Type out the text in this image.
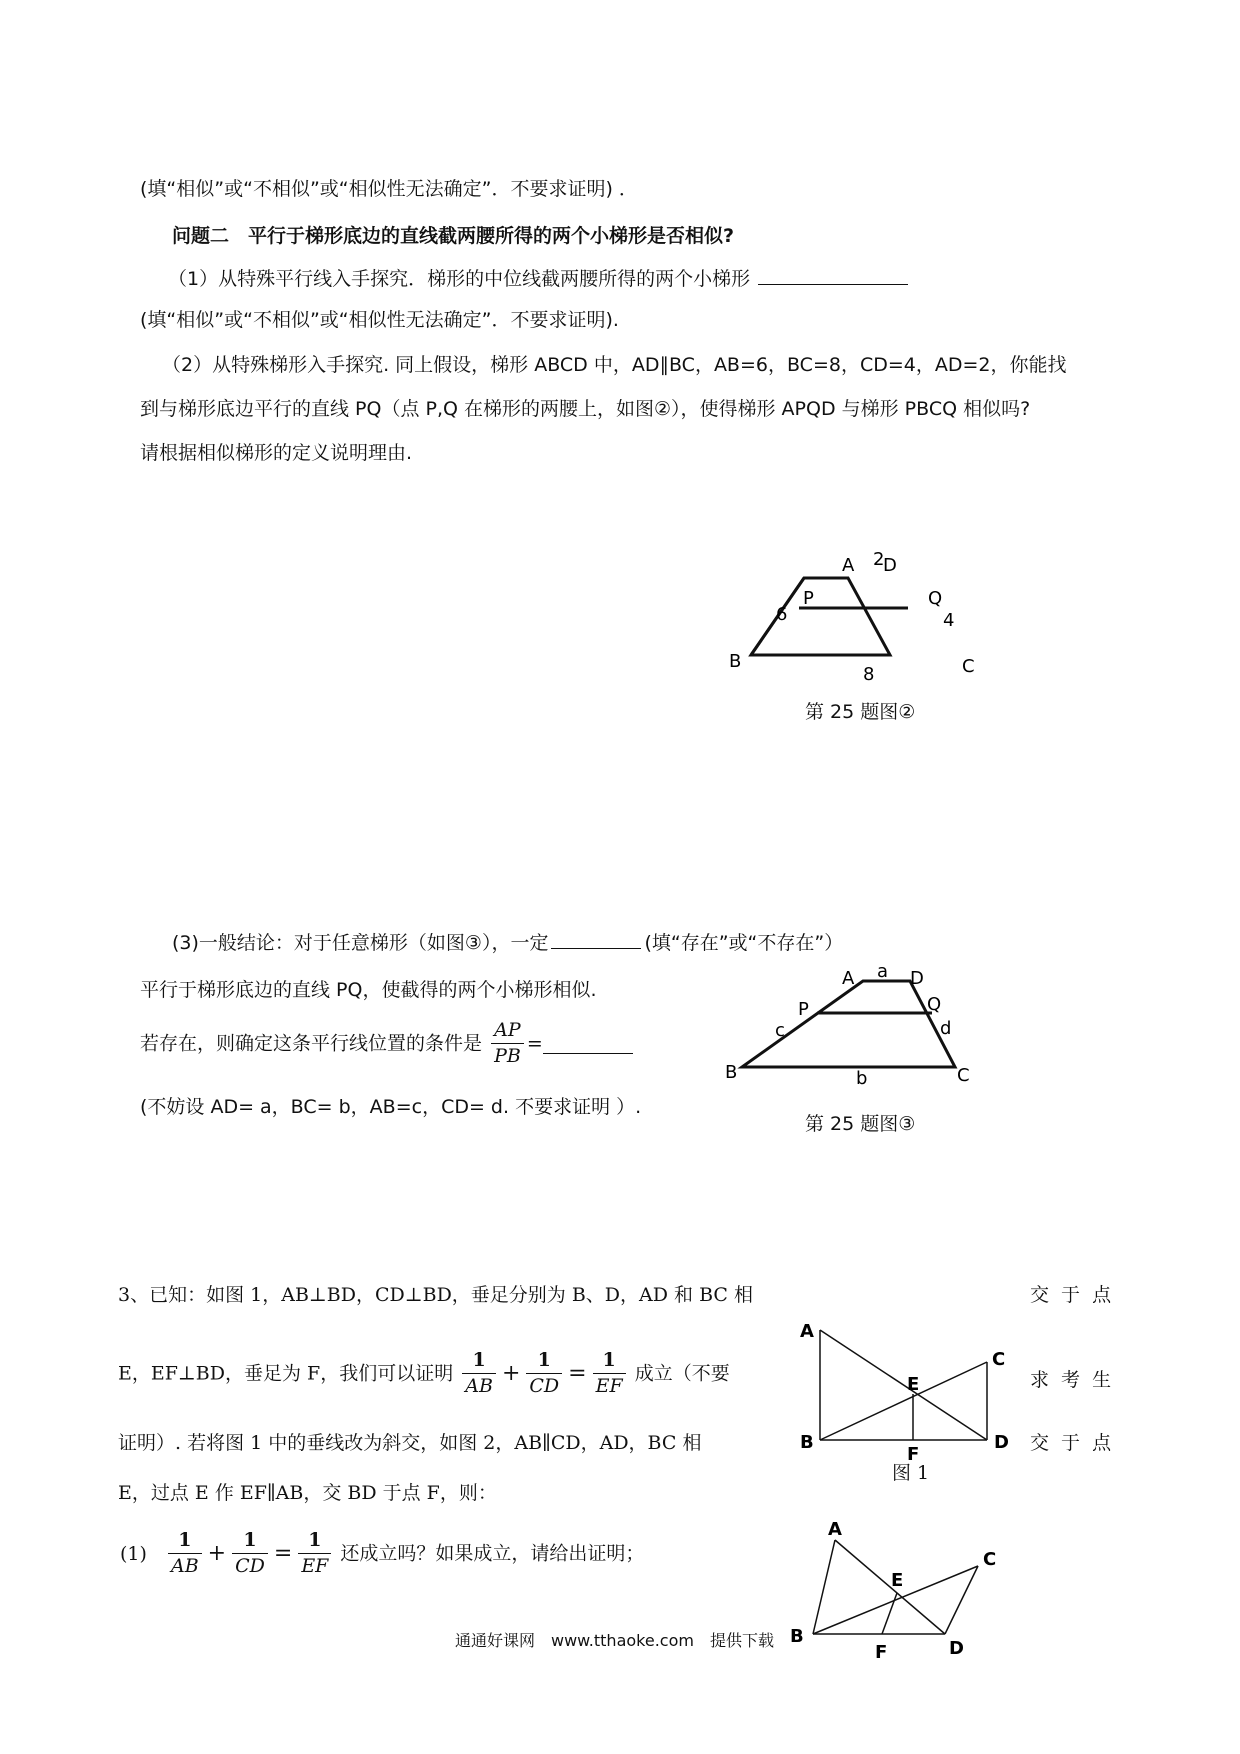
(填“相似”或“不相似”或“相似性无法确定”．不要求证明) ．
问题二　平行于梯形底边的直线截两腰所得的两个小梯形是否相似?
（1）从特殊平行线入手探究．梯形的中位线截两腰所得的两个小梯形
(填“相似”或“不相似”或“相似性无法确定”．不要求证明).
（2）从特殊梯形入手探究. 同上假设，梯形 ABCD 中，AD∥BC，AB=6，BC=8，CD=4，AD=2，你能找
到与梯形底边平行的直线 PQ（点 P,Q 在梯形的两腰上，如图②），使得梯形 APQD 与梯形 PBCQ 相似吗?
请根据相似梯形的定义说明理由.
A D
2
P	Q
6	4
B	C
8
第 25 题图②
(3)一般结论：对于任意梯形（如图③），一定	(填“存在”或“不存在”）
平行于梯形底边的直线 PQ，使截得的两个小梯形相似.
若存在，则确定这条平行线位置的条件是 $\frac{AP}{PB}$ =
(不妨设 AD= a，BC= b，AB=c，CD= d. 不要求证明 ）.
A	D
a
P	Q
c	d
B	C
b
第 25 题图③
3、已知：如图 1，AB⊥BD，CD⊥BD，垂足分别为 B、D，AD 和 BC 相	交 于 点
E，EF⊥BD，垂足为 F，我们可以证明 $\frac{1}{AB} + \frac{1}{CD} = \frac{1}{EF}$ 成立（不要	求 考 生
证明）. 若将图 1 中的垂线改为斜交，如图 2，AB∥CD，AD，BC 相	交 于 点
E，过点 E 作 EF∥AB，交 BD 于点 F，则：
$(1) \frac{1}{AB} + \frac{1}{CD} = \frac{1}{EF}$ 还成立吗？如果成立，请给出证明；
A
C
E
B
F
D
图 1
A
C
E
B
F	D
通通好课网　www.tthaoke.com　提供下载
